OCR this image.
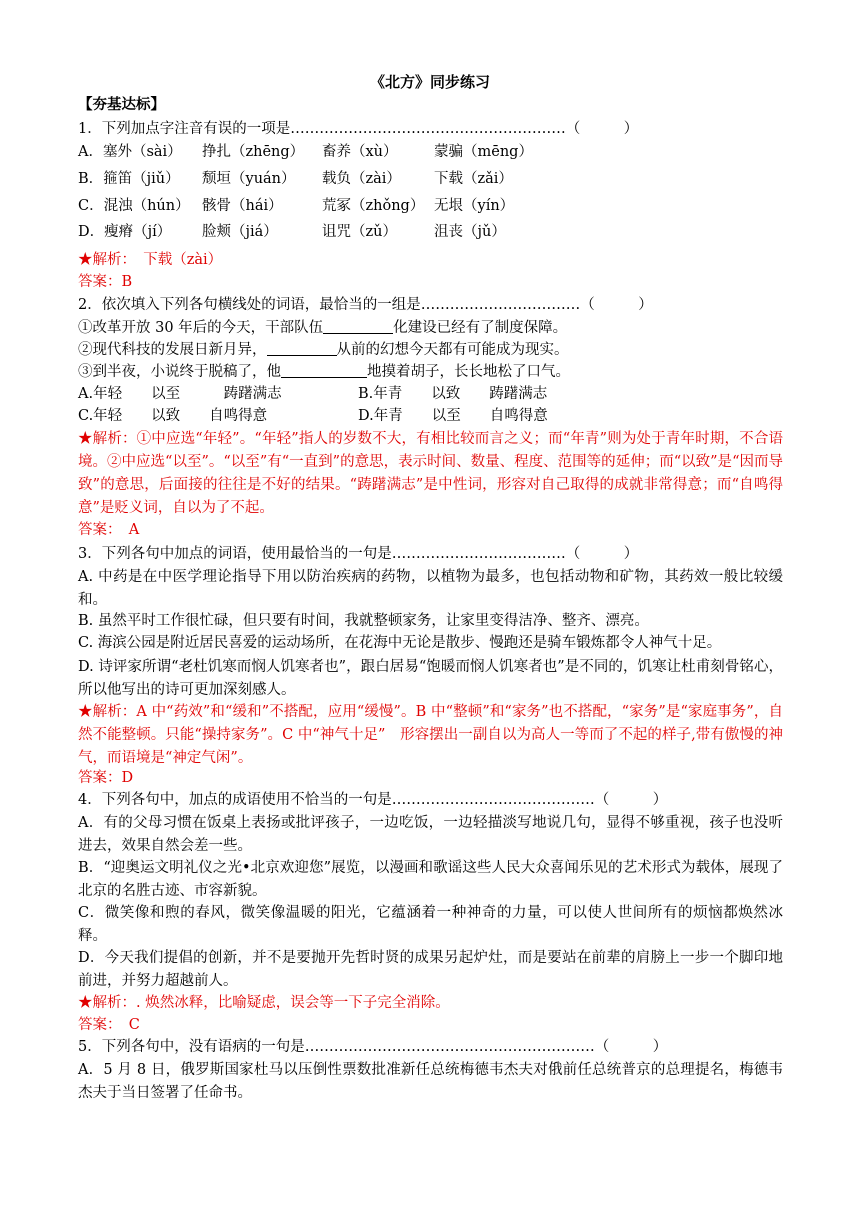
《北方》同步练习
【夯基达标】
1．下列加点字注音有误的一项是…………………………………………………（　　　）
A．塞外（sài） 挣扎（zhēng） 畜养（xù）	蒙骗（mēng）
B．箍笛（jiǔ） 颓垣（yuán） 载负（zài） 下载（zǎi）
C．混浊（hún） 骸骨（hái）	荒冢（zhǒng） 无垠（yín）
D．瘦瘠（jí） 脸颊（jiá）	诅咒（zǔ）	沮丧（jǔ）
★解析：　下载（zài）
答案：B
2．依次填入下列各句横线处的词语，最恰当的一组是……………………………（　　　）
①改革开放 30 年后的今天，干部队伍	化建设已经有了制度保障。
②现代科技的发展日新月异，	从前的幻想今天都有可能成为现实。
③到半夜，小说终于脱稿了，他	地摸着胡子，长长地松了口气。
A.年轻　　以至　　　踌躇满志	B.年青　　以致　　踌躇满志
C.年轻　　以致　　自鸣得意	D.年青　　以至　　自鸣得意
★解析：①中应选“年轻”。“年轻”指人的岁数不大，有相比较而言之义；而“年青”则为处于青年时期，不合语境。②中应选“以至”。“以至”有“一直到”的意思，表示时间、数量、程度、范围等的延伸；而“以致”是“因而导致”的意思，后面接的往往是不好的结果。“踌躇满志”是中性词，形容对自己取得的成就非常得意；而“自鸣得意”是贬义词，自以为了不起。
答案：　A
3．下列各句中加点的词语，使用最恰当的一句是………………………………（　　　）
A. 中药是在中医学理论指导下用以防治疾病的药物，以植物为最多，也包括动物和矿物，其药效一般比较缓和。
B. 虽然平时工作很忙碌，但只要有时间，我就整顿家务，让家里变得洁净、整齐、漂亮。
C. 海滨公园是附近居民喜爱的运动场所，在花海中无论是散步、慢跑还是骑车锻炼都令人神气十足。
D. 诗评家所谓“老杜饥寒而悯人饥寒者也”，跟白居易“饱暖而悯人饥寒者也”是不同的，饥寒让杜甫刻骨铭心，所以他写出的诗可更加深刻感人。
★解析：A 中“药效”和“缓和”不搭配，应用“缓慢”。B 中“整顿”和“家务”也不搭配，“家务”是“家庭事务”，自然不能整顿。只能“操持家务”。C 中“神气十足”　形容摆出一副自以为高人一等而了不起的样子,带有傲慢的神气，而语境是“神定气闲”。
答案：D
4．下列各句中，加点的成语使用不恰当的一句是……………………………………（　　　）
A．有的父母习惯在饭桌上表扬或批评孩子，一边吃饭，一边轻描淡写地说几句，显得不够重视，孩子也没听进去，效果自然会差一些。
B．“迎奥运文明礼仪之光•北京欢迎您”展览，以漫画和歌谣这些人民大众喜闻乐见的艺术形式为载体，展现了北京的名胜古迹、市容新貌。
C．微笑像和煦的春风，微笑像温暖的阳光，它蕴涵着一种神奇的力量，可以使人世间所有的烦恼都焕然冰释。
D．今天我们提倡的创新，并不是要抛开先哲时贤的成果另起炉灶，而是要站在前辈的肩膀上一步一个脚印地前进，并努力超越前人。
★解析：. 焕然冰释，比喻疑虑，误会等一下子完全消除。
答案：　C
5．下列各句中，没有语病的一句是……………………………………………………（　　　）
A．5 月 8 日，俄罗斯国家杜马以压倒性票数批准新任总统梅德韦杰夫对俄前任总统普京的总理提名，梅德韦杰夫于当日签署了任命书。
